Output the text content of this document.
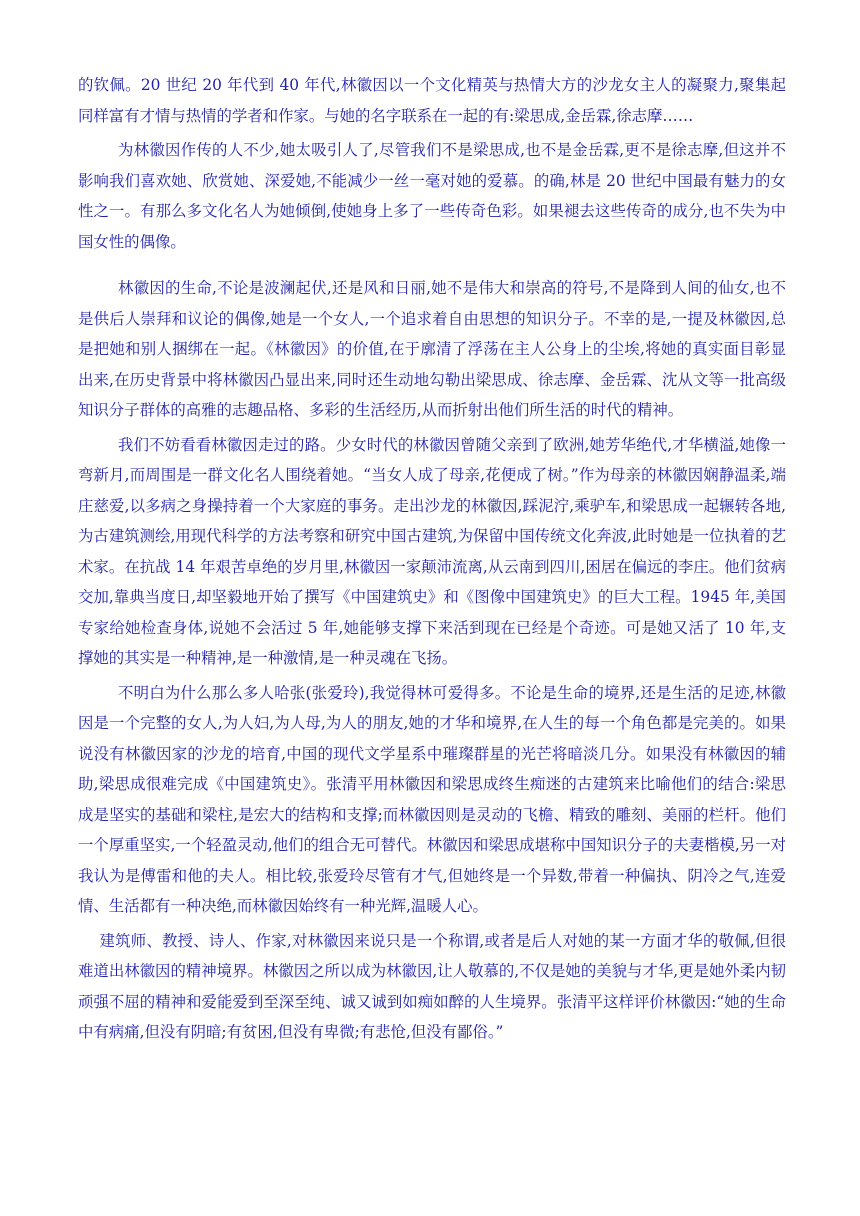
的钦佩。20 世纪 20 年代到 40 年代,林徽因以一个文化精英与热情大方的沙龙女主人的凝聚力,聚集起同样富有才情与热情的学者和作家。与她的名字联系在一起的有:梁思成,金岳霖,徐志摩……

为林徽因作传的人不少,她太吸引人了,尽管我们不是梁思成,也不是金岳霖,更不是徐志摩,但这并不影响我们喜欢她、欣赏她、深爱她,不能减少一丝一毫对她的爱慕。的确,林是 20 世纪中国最有魅力的女性之一。有那么多文化名人为她倾倒,使她身上多了一些传奇色彩。如果褪去这些传奇的成分,也不失为中国女性的偶像。

林徽因的生命,不论是波澜起伏,还是风和日丽,她不是伟大和崇高的符号,不是降到人间的仙女,也不是供后人崇拜和议论的偶像,她是一个女人,一个追求着自由思想的知识分子。不幸的是,一提及林徽因,总是把她和别人捆绑在一起。《林徽因》的价值,在于廓清了浮荡在主人公身上的尘埃,将她的真实面目彰显出来,在历史背景中将林徽因凸显出来,同时还生动地勾勒出梁思成、徐志摩、金岳霖、沈从文等一批高级知识分子群体的高雅的志趣品格、多彩的生活经历,从而折射出他们所生活的时代的精神。

我们不妨看看林徽因走过的路。少女时代的林徽因曾随父亲到了欧洲,她芳华绝代,才华横溢,她像一弯新月,而周围是一群文化名人围绕着她。“当女人成了母亲,花便成了树。”作为母亲的林徽因娴静温柔,端庄慈爱,以多病之身操持着一个大家庭的事务。走出沙龙的林徽因,踩泥泞,乘驴车,和梁思成一起辗转各地,为古建筑测绘,用现代科学的方法考察和研究中国古建筑,为保留中国传统文化奔波,此时她是一位执着的艺术家。在抗战 14 年艰苦卓绝的岁月里,林徽因一家颠沛流离,从云南到四川,困居在偏远的李庄。他们贫病交加,靠典当度日,却坚毅地开始了撰写《中国建筑史》和《图像中国建筑史》的巨大工程。1945 年,美国专家给她检查身体,说她不会活过 5 年,她能够支撑下来活到现在已经是个奇迹。可是她又活了 10 年,支撑她的其实是一种精神,是一种激情,是一种灵魂在飞扬。

不明白为什么那么多人哈张(张爱玲),我觉得林可爱得多。不论是生命的境界,还是生活的足迹,林徽因是一个完整的女人,为人妇,为人母,为人的朋友,她的才华和境界,在人生的每一个角色都是完美的。如果说没有林徽因家的沙龙的培育,中国的现代文学星系中璀璨群星的光芒将暗淡几分。如果没有林徽因的辅助,梁思成很难完成《中国建筑史》。张清平用林徽因和梁思成终生痴迷的古建筑来比喻他们的结合:梁思成是坚实的基础和梁柱,是宏大的结构和支撑;而林徽因则是灵动的飞檐、精致的雕刻、美丽的栏杆。他们一个厚重坚实,一个轻盈灵动,他们的组合无可替代。林徽因和梁思成堪称中国知识分子的夫妻楷模,另一对我认为是傅雷和他的夫人。相比较,张爱玲尽管有才气,但她终是一个异数,带着一种偏执、阴冷之气,连爱情、生活都有一种决绝,而林徽因始终有一种光辉,温暖人心。

建筑师、教授、诗人、作家,对林徽因来说只是一个称谓,或者是后人对她的某一方面才华的敬佩,但很难道出林徽因的精神境界。林徽因之所以成为林徽因,让人敬慕的,不仅是她的美貌与才华,更是她外柔内韧顽强不屈的精神和爱能爱到至深至纯、诚又诚到如痴如醉的人生境界。张清平这样评价林徽因:“她的生命中有病痛,但没有阴暗;有贫困,但没有卑微;有悲怆,但没有鄙俗。”
